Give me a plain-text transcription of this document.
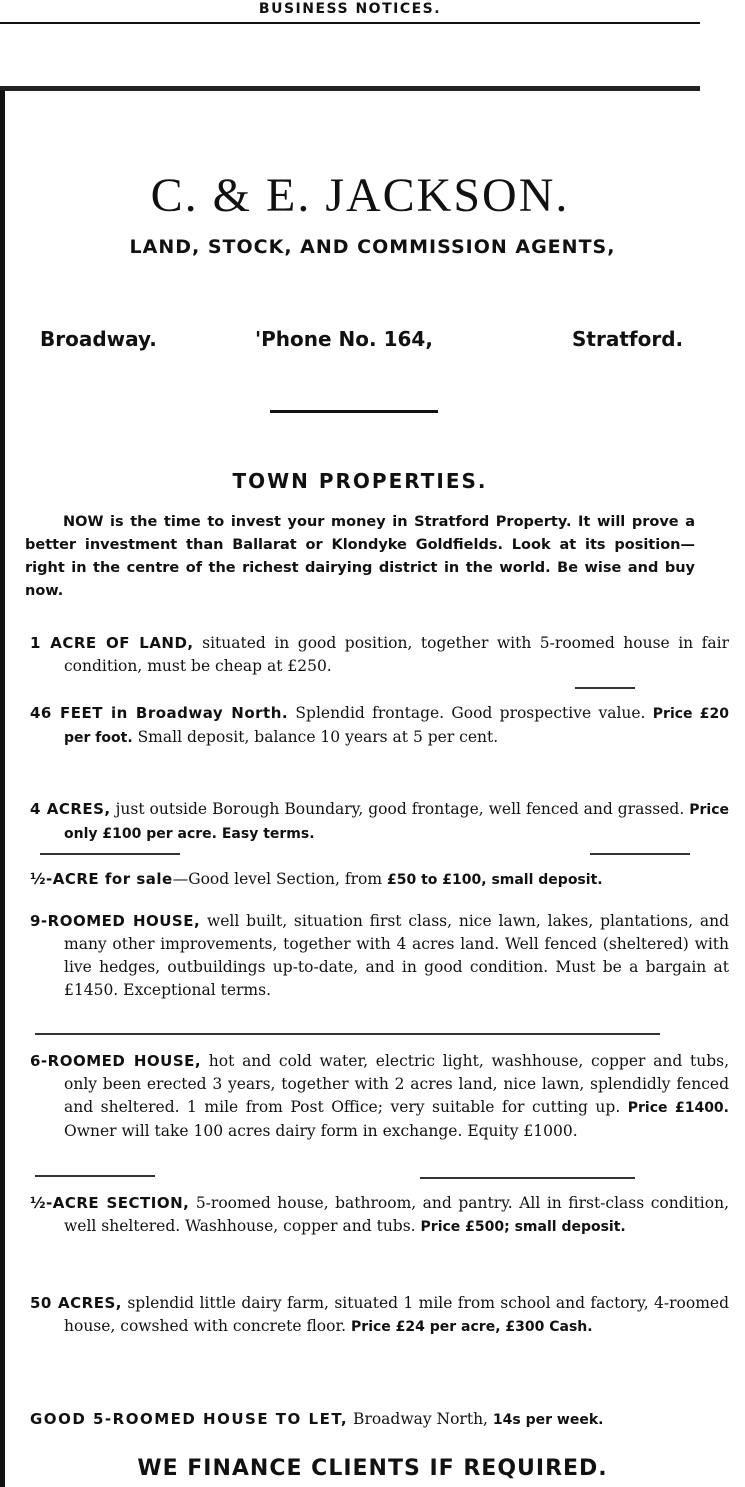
BUSINESS NOTICES.
C. & E. JACKSON.
LAND, STOCK, AND COMMISSION AGENTS,
Broadway.	'Phone No. 164,	Stratford.
TOWN PROPERTIES.
NOW is the time to invest your money in Stratford Property. It will prove a better investment than Ballarat or Klondyke Goldfields. Look at its position—right in the centre of the richest dairying district in the world. Be wise and buy now.
1 ACRE OF LAND, situated in good position, together with 5-roomed house in fair condition, must be cheap at £250.
46 FEET in Broadway North. Splendid frontage. Good prospective value. Price £20 per foot. Small deposit, balance 10 years at 5 per cent.
4 ACRES, just outside Borough Boundary, good frontage, well fenced and grassed. Price only £100 per acre. Easy terms.
½-ACRE for sale—Good level Section, from £50 to £100, small deposit.
9-ROOMED HOUSE, well built, situation first class, nice lawn, lakes, plantations, and many other improvements, together with 4 acres land. Well fenced (sheltered) with live hedges, outbuildings up-to-date, and in good condition. Must be a bargain at £1450. Exceptional terms.
6-ROOMED HOUSE, hot and cold water, electric light, washhouse, copper and tubs, only been erected 3 years, together with 2 acres land, nice lawn, splendidly fenced and sheltered. 1 mile from Post Office; very suitable for cutting up. Price £1400. Owner will take 100 acres dairy form in exchange. Equity £1000.
½-ACRE SECTION, 5-roomed house, bathroom, and pantry. All in first-class condition, well sheltered. Washhouse, copper and tubs. Price £500; small deposit.
50 ACRES, splendid little dairy farm, situated 1 mile from school and factory, 4-roomed house, cowshed with concrete floor. Price £24 per acre, £300 Cash.
GOOD 5-ROOMED HOUSE TO LET, Broadway North, 14s per week.
WE FINANCE CLIENTS IF REQUIRED.
